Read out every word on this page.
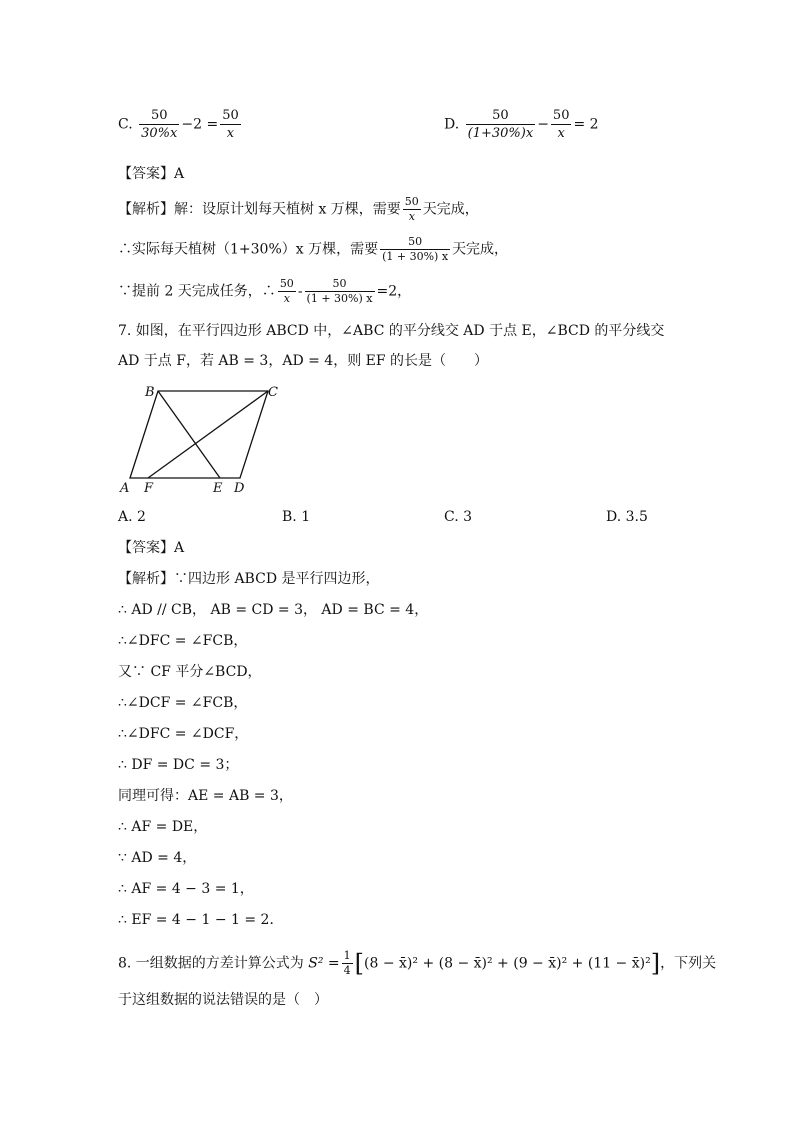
C. $\frac{50}{30\%x} -2 = \frac{50}{x}$	D. $\frac{50}{(1+30\%)x} - \frac{50}{x} = 2$
【答案】A
【解析】解：设原计划每天植树 x 万棵，需要 $\frac{50}{x}$ 天完成，
∴实际每天植树（1+30%）x 万棵，需要 $\frac{50}{(1 + 30\%) x}$ 天完成，
∵提前 2 天完成任务，∴ $\frac{50}{x} - \frac{50}{(1 + 30\%) x} =2$，
7. 如图，在平行四边形 ABCD 中，∠ABC 的平分线交 AD 于点 E，∠BCD 的平分线交
AD 于点 F，若 AB = 3，AD = 4，则 EF 的长是（　　）
B	C
A F	E D
A. 2	B. 1	C. 3	D. 3.5
【答案】A
【解析】∵四边形 ABCD 是平行四边形，
∴ AD // CB， AB = CD = 3， AD = BC = 4，
∴∠DFC = ∠FCB，
又∵ CF 平分∠BCD，
∴∠DCF = ∠FCB，
∴∠DFC = ∠DCF，
∴ DF = DC = 3；
同理可得：AE = AB = 3，
∴ AF = DE，
∵ AD = 4，
∴ AF = 4 − 3 = 1，
∴ EF = 4 − 1 − 1 = 2．
8. 一组数据的方差计算公式为 $S^2 = \frac{1}{4} [(8$ − x̄)² + (8 − x̄)² + (9 − x̄)² + (11 − x̄)²]，下列关
于这组数据的说法错误的是（　）
